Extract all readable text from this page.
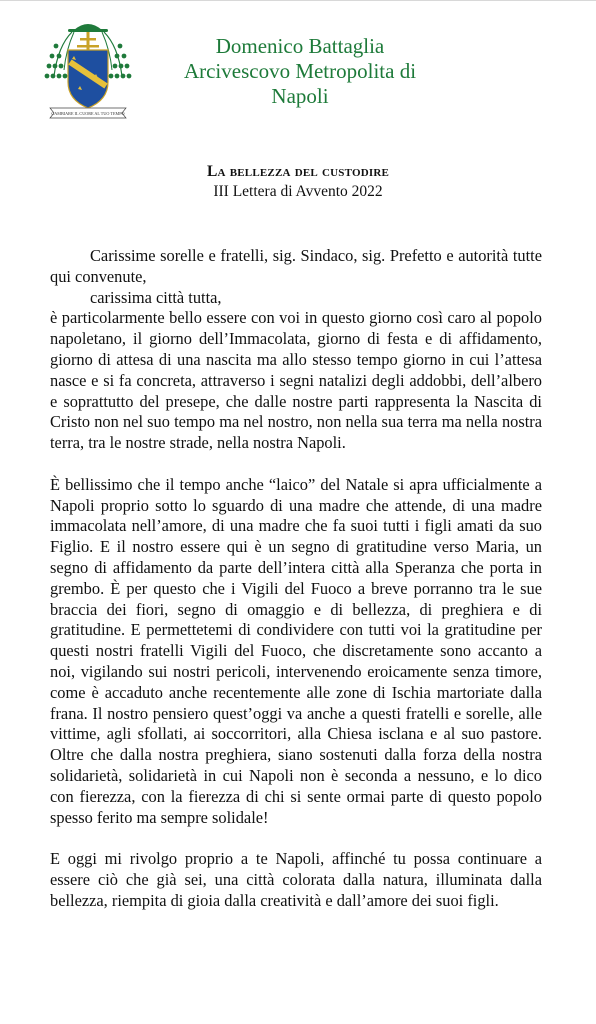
CAMBIARE IL CUORE AL TUO TEMPO
Domenico Battaglia
Arcivescovo Metropolita di
Napoli
La bellezza del custodire
III Lettera di Avvento 2022

Carissime sorelle e fratelli, sig. Sindaco, sig. Prefetto e autorità tutte qui convenute,

carissima città tutta,

è particolarmente bello essere con voi in questo giorno così caro al popolo napoletano, il giorno dell’Immacolata, giorno di festa e di affidamento, giorno di attesa di una nascita ma allo stesso tempo giorno in cui l’attesa nasce e si fa concreta, attraverso i segni natalizi degli addobbi, dell’albero e soprattutto del presepe, che dalle nostre parti rappresenta la Nascita di Cristo non nel suo tempo ma nel nostro, non nella sua terra ma nella nostra terra, tra le nostre strade, nella nostra Napoli.

È bellissimo che il tempo anche “laico” del Natale si apra ufficialmente a Napoli proprio sotto lo sguardo di una madre che attende, di una madre immacolata nell’amore, di una madre che fa suoi tutti i figli amati da suo Figlio. E il nostro essere qui è un segno di gratitudine verso Maria, un segno di affidamento da parte dell’intera città alla Speranza che porta in grembo. È per questo che i Vigili del Fuoco a breve porranno tra le sue braccia dei fiori, segno di omaggio e di bellezza, di preghiera e di gratitudine. E permettetemi di condividere con tutti voi la gratitudine per questi nostri fratelli Vigili del Fuoco, che discretamente sono accanto a noi, vigilando sui nostri pericoli, intervenendo eroicamente senza timore, come è accaduto anche recentemente alle zone di Ischia martoriate dalla frana. Il nostro pensiero quest’oggi va anche a questi fratelli e sorelle, alle vittime, agli sfollati, ai soccorritori, alla Chiesa isclana e al suo pastore. Oltre che dalla nostra preghiera, siano sostenuti dalla forza della nostra solidarietà, solidarietà in cui Napoli non è seconda a nessuno, e lo dico con fierezza, con la fierezza di chi si sente ormai parte di questo popolo spesso ferito ma sempre solidale!

E oggi mi rivolgo proprio a te Napoli, affinché tu possa continuare a essere ciò che già sei, una città colorata dalla natura, illuminata dalla bellezza, riempita di gioia dalla creatività e dall’amore dei suoi figli.
